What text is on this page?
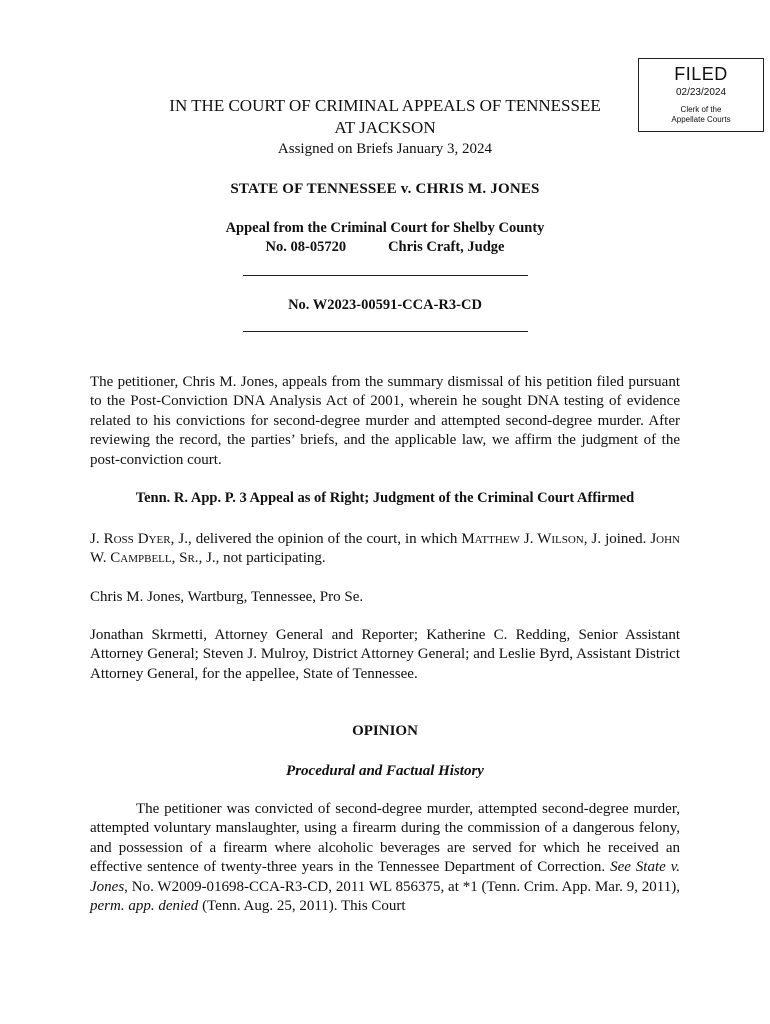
FILED
02/23/2024
Clerk of the
Appellate Courts
IN THE COURT OF CRIMINAL APPEALS OF TENNESSEE
AT JACKSON
Assigned on Briefs January 3, 2024
STATE OF TENNESSEE v. CHRIS M. JONES
Appeal from the Criminal Court for Shelby County
No. 08-05720	Chris Craft, Judge
No. W2023-00591-CCA-R3-CD
The petitioner, Chris M. Jones, appeals from the summary dismissal of his petition filed pursuant to the Post-Conviction DNA Analysis Act of 2001, wherein he sought DNA testing of evidence related to his convictions for second-degree murder and attempted second-degree murder. After reviewing the record, the parties’ briefs, and the applicable law, we affirm the judgment of the post-conviction court.
Tenn. R. App. P. 3 Appeal as of Right; Judgment of the Criminal Court Affirmed
J. Ross Dyer, J., delivered the opinion of the court, in which Matthew J. Wilson, J. joined. John W. Campbell, Sr., J., not participating.
Chris M. Jones, Wartburg, Tennessee, Pro Se.
Jonathan Skrmetti, Attorney General and Reporter; Katherine C. Redding, Senior Assistant Attorney General; Steven J. Mulroy, District Attorney General; and Leslie Byrd, Assistant District Attorney General, for the appellee, State of Tennessee.
OPINION
Procedural and Factual History
The petitioner was convicted of second-degree murder, attempted second-degree murder, attempted voluntary manslaughter, using a firearm during the commission of a dangerous felony, and possession of a firearm where alcoholic beverages are served for which he received an effective sentence of twenty-three years in the Tennessee Department of Correction. See State v. Jones, No. W2009-01698-CCA-R3-CD, 2011 WL 856375, at *1 (Tenn. Crim. App. Mar. 9, 2011), perm. app. denied (Tenn. Aug. 25, 2011). This Court
